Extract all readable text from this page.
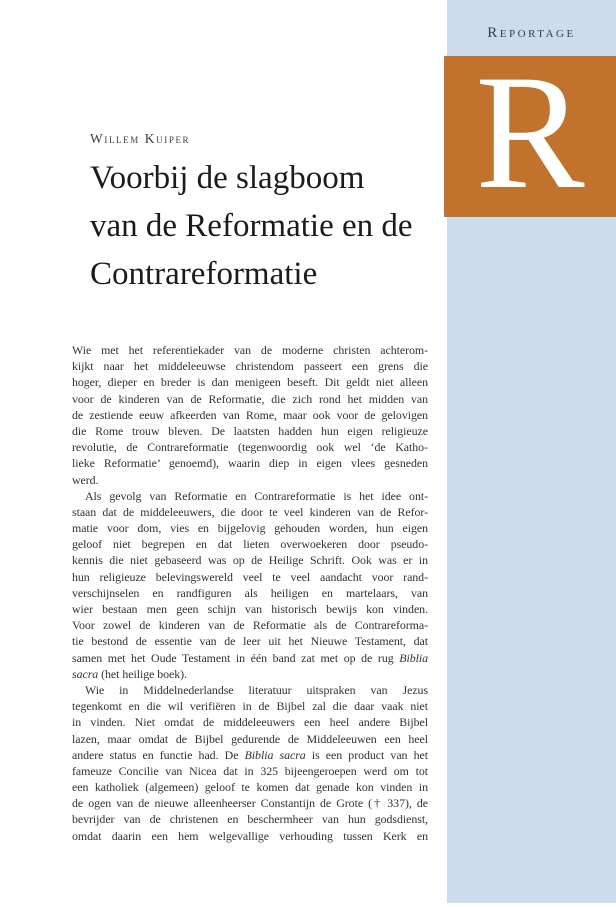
Reportage
R
Willem Kuiper
Voorbij de slagboom
van de Reformatie en de
Contrareformatie
Wie met het referentiekader van de moderne christen achterom-
kijkt naar het middeleeuwse christendom passeert een grens die
hoger, dieper en breder is dan menigeen beseft. Dit geldt niet alleen
voor de kinderen van de Reformatie, die zich rond het midden van
de zestiende eeuw afkeerden van Rome, maar ook voor de gelovigen
die Rome trouw bleven. De laatsten hadden hun eigen religieuze
revolutie, de Contrareformatie (tegenwoordig ook wel ‘de Katho-
lieke Reformatie’ genoemd), waarin diep in eigen vlees gesneden
werd.
Als gevolg van Reformatie en Contrareformatie is het idee ont-
staan dat de middeleeuwers, die door te veel kinderen van de Refor-
matie voor dom, vies en bijgelovig gehouden worden, hun eigen
geloof niet begrepen en dat lieten overwoekeren door pseudo-
kennis die niet gebaseerd was op de Heilige Schrift. Ook was er in
hun religieuze belevingswereld veel te veel aandacht voor rand-
verschijnselen en randfiguren als heiligen en martelaars, van
wier bestaan men geen schijn van historisch bewijs kon vinden.
Voor zowel de kinderen van de Reformatie als de Contrareforma-
tie bestond de essentie van de leer uit het Nieuwe Testament, dat
samen met het Oude Testament in één band zat met op de rug Biblia
sacra (het heilige boek).
Wie in Middelnederlandse literatuur uitspraken van Jezus
tegenkomt en die wil verifiëren in de Bijbel zal die daar vaak niet
in vinden. Niet omdat de middeleeuwers een heel andere Bijbel
lazen, maar omdat de Bijbel gedurende de Middeleeuwen een heel
andere status en functie had. De Biblia sacra is een product van het
fameuze Concilie van Nicea dat in 325 bijeengeroepen werd om tot
een katholiek (algemeen) geloof te komen dat genade kon vinden in
de ogen van de nieuwe alleenheerser Constantijn de Grote († 337), de
bevrijder van de christenen en beschermheer van hun godsdienst,
omdat daarin een hem welgevallige verhouding tussen Kerk en
